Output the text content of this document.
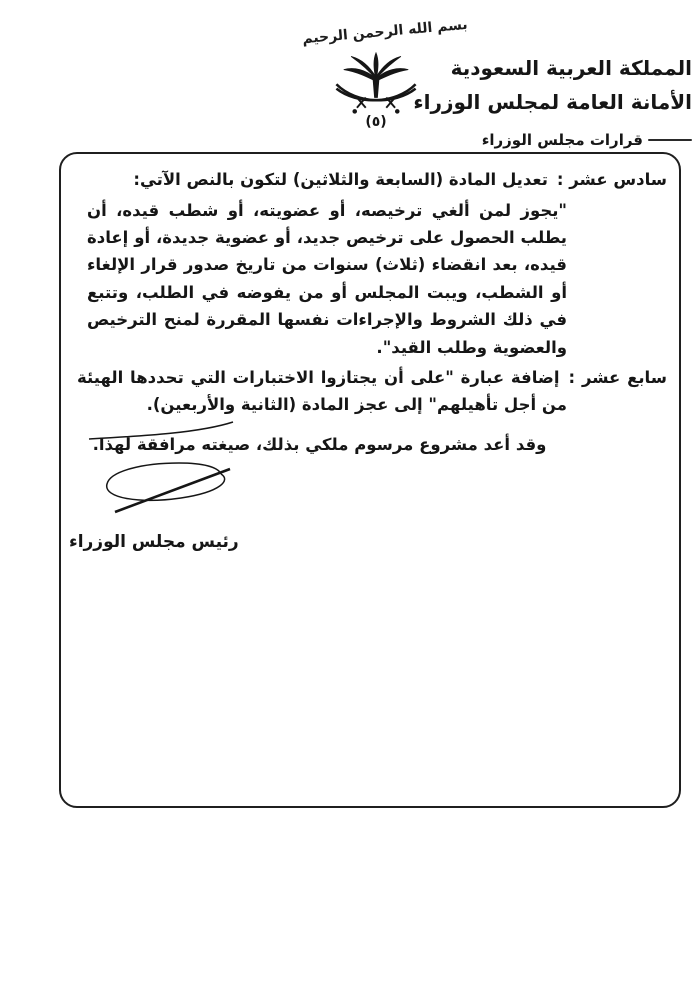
بسم الله الرحمن الرحيم
(٥)
المملكة العربية السعودية
الأمانة العامة لمجلس الوزراء
قرارات مجلس الوزراء

سادس عشر :تعديل المادة (السابعة والثلاثين) لتكون بالنص الآتي:

"يجوز لمن ألغي ترخيصه، أو عضويته، أو شطب قيده، أن يطلب الحصول على ترخيص جديد، أو عضوية جديدة، أو إعادة قيده، بعد انقضاء (ثلاث) سنوات من تاريخ صدور قرار الإلغاء أو الشطب، ويبت المجلس أو من يفوضه في الطلب، وتتبع في ذلك الشروط والإجراءات نفسها المقررة لمنح الترخيص والعضوية وطلب القيد".

سابع عشر :إضافة عبارة "على أن يجتازوا الاختبارات التي تحددها الهيئة من أجل تأهيلهم" إلى عجز المادة (الثانية والأربعين).

وقد أعد مشروع مرسوم ملكي بذلك، صيغته مرافقة لهذا.

رئيس مجلس الوزراء
